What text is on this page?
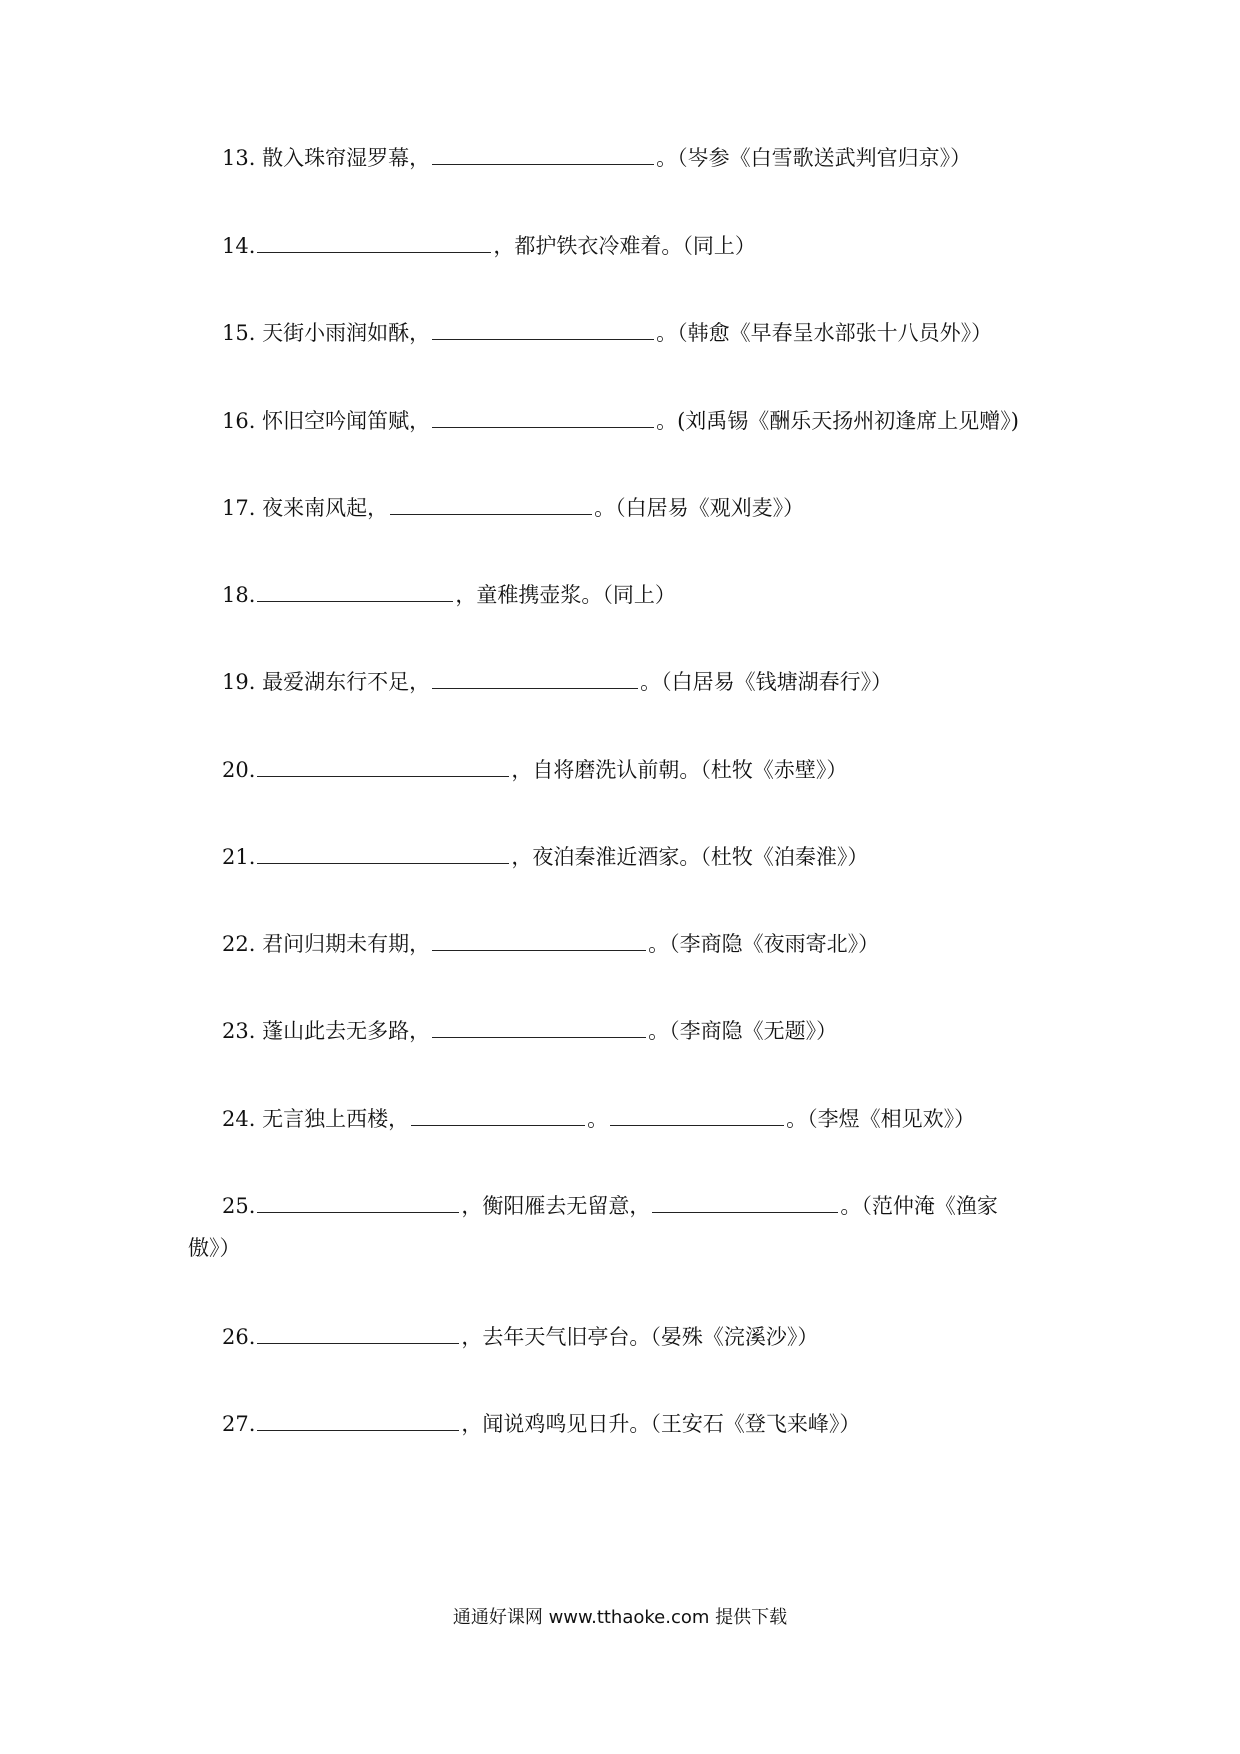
13. 散入珠帘湿罗幕，	。（岑参《白雪歌送武判官归京》）
14.	，都护铁衣冷难着。（同上）
15. 天街小雨润如酥，	。（韩愈《早春呈水部张十八员外》）
16. 怀旧空吟闻笛赋，	。(刘禹锡《酬乐天扬州初逢席上见赠》)
17. 夜来南风起，	。（白居易《观刈麦》）
18.	，童稚携壶浆。（同上）
19. 最爱湖东行不足，	。（白居易《钱塘湖春行》）
20.	，自将磨洗认前朝。（杜牧《赤壁》）
21.	，夜泊秦淮近酒家。（杜牧《泊秦淮》）
22. 君问归期未有期，	。（李商隐《夜雨寄北》）
23. 蓬山此去无多路，	。（李商隐《无题》）
24. 无言独上西楼，	。	。（李煜《相见欢》）
25.	，衡阳雁去无留意，	。（范仲淹《渔家
傲》）
26.	，去年天气旧亭台。（晏殊《浣溪沙》）
27.	，闻说鸡鸣见日升。（王安石《登飞来峰》）
通通好课网 www.tthaoke.com 提供下载
